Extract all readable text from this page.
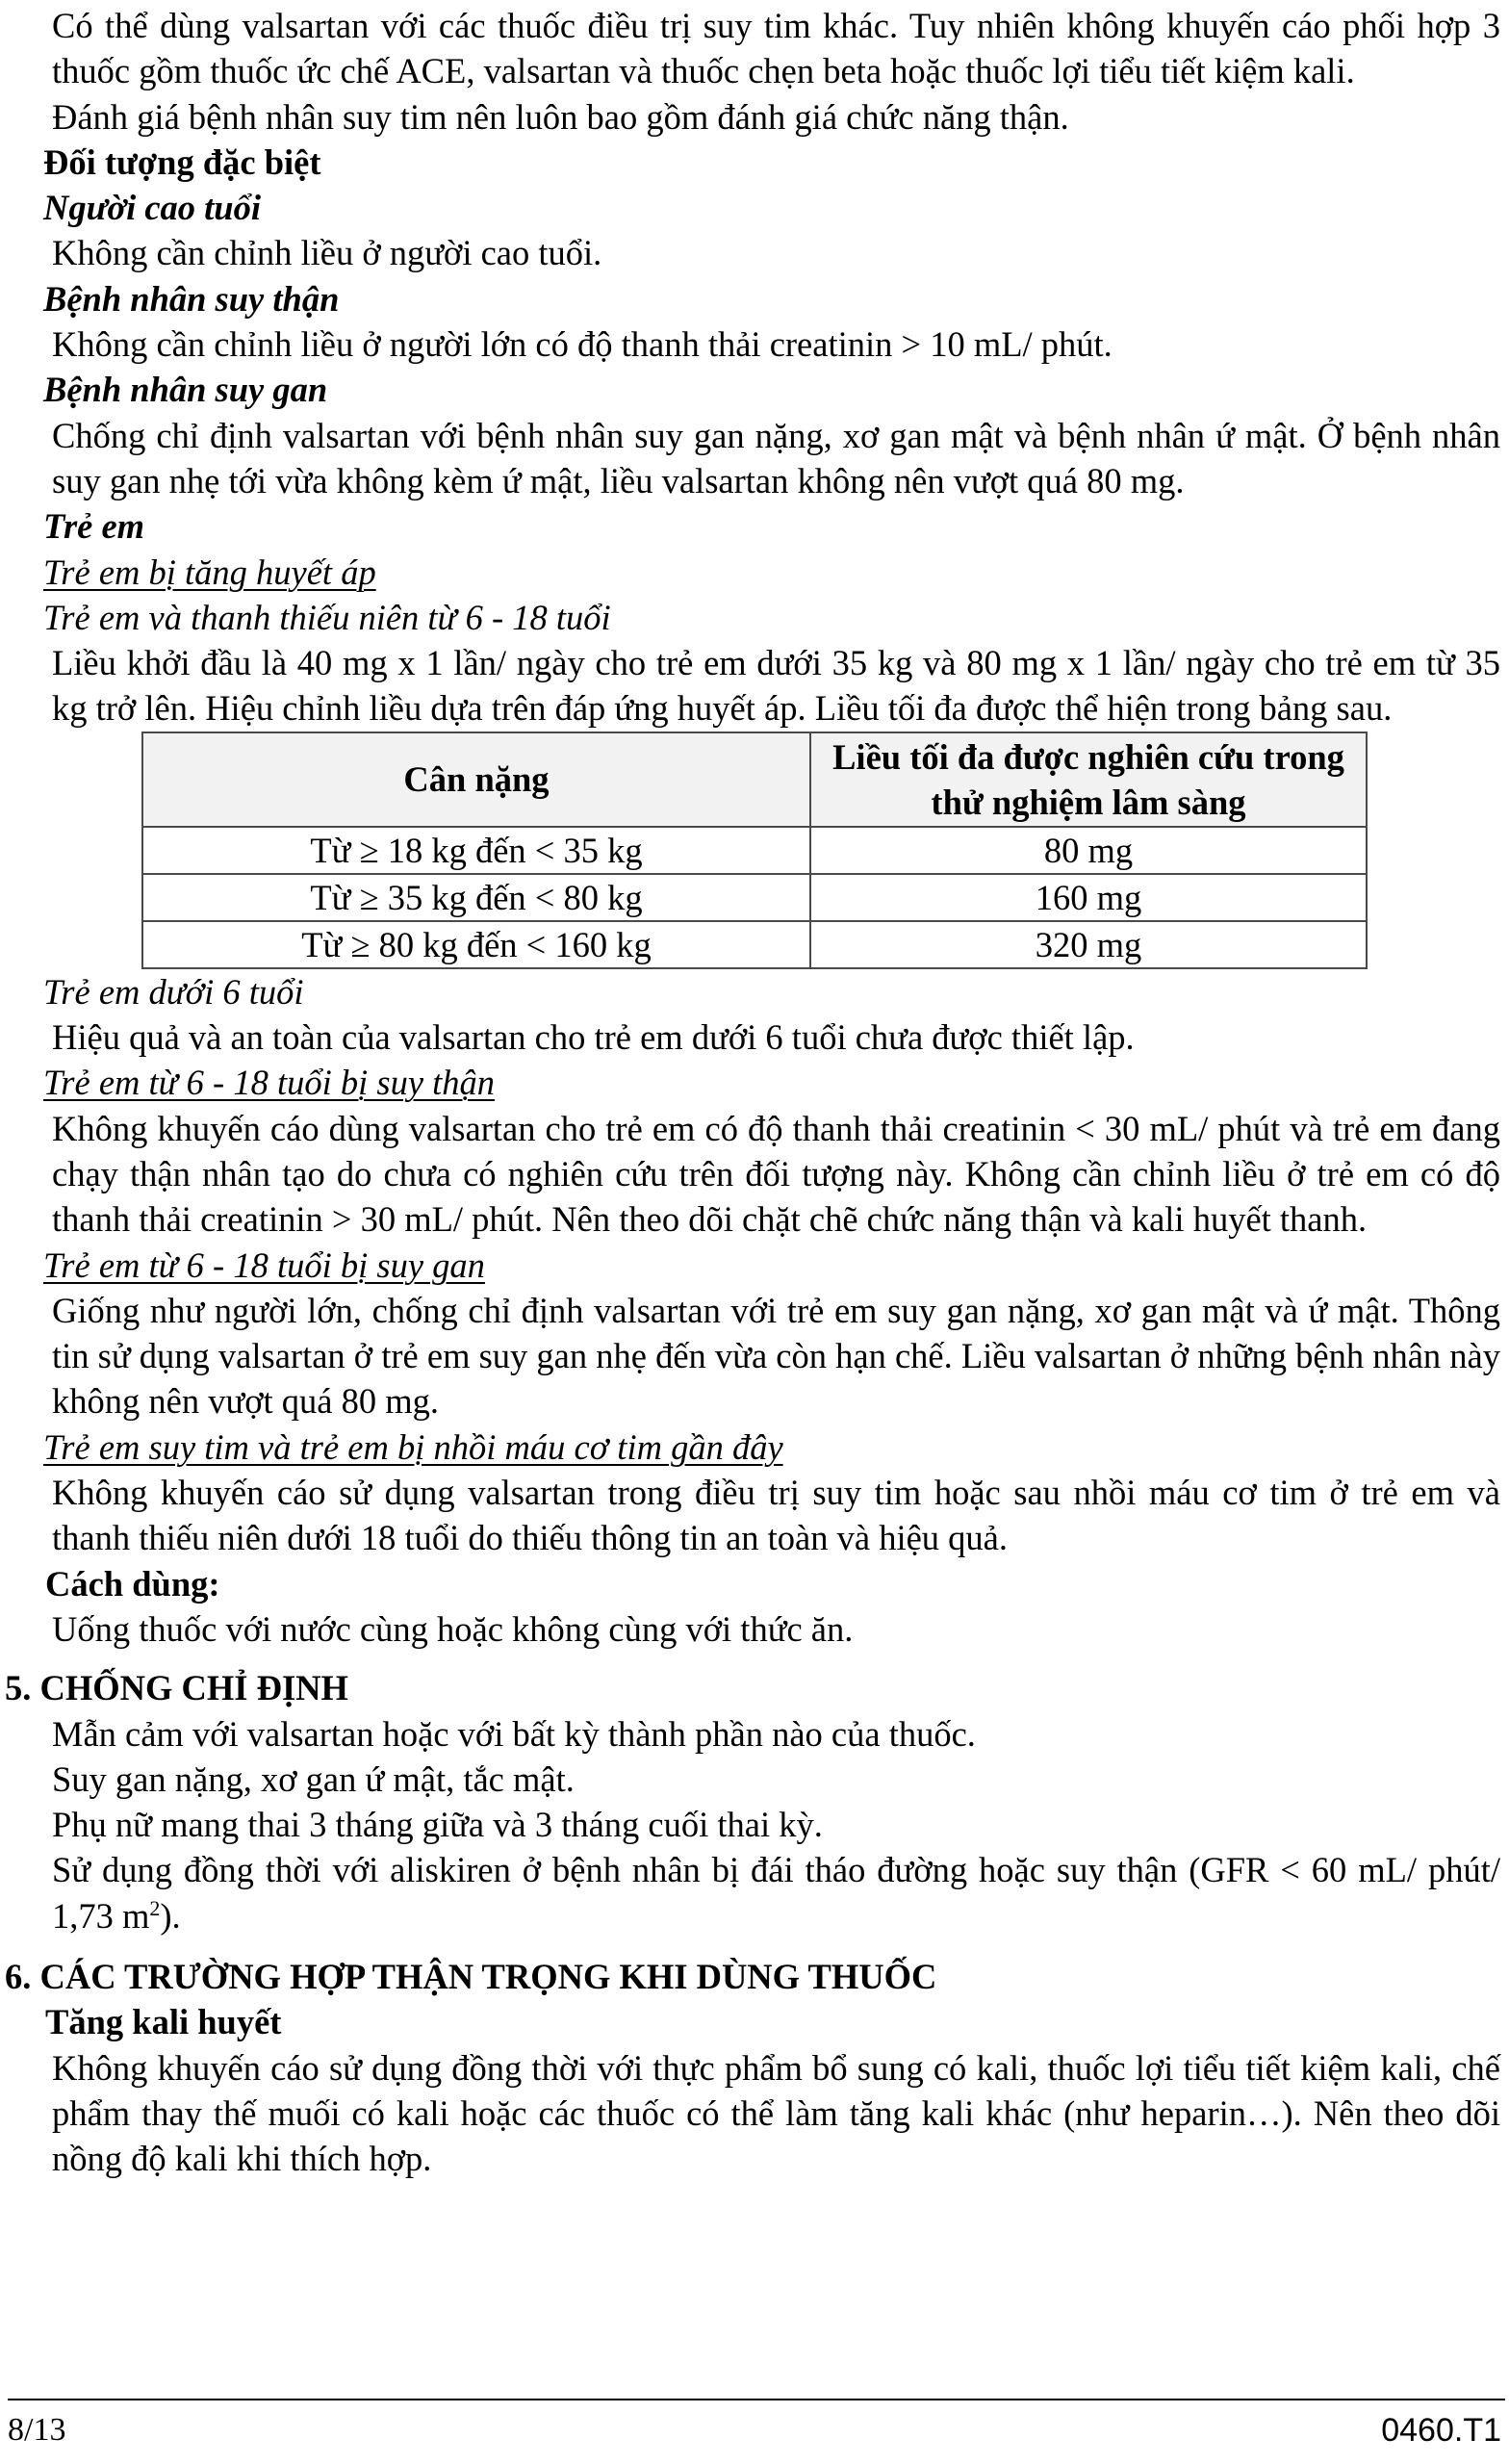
Có thể dùng valsartan với các thuốc điều trị suy tim khác. Tuy nhiên không khuyến cáo phối hợp 3 thuốc gồm thuốc ức chế ACE, valsartan và thuốc chẹn beta hoặc thuốc lợi tiểu tiết kiệm kali.

Đánh giá bệnh nhân suy tim nên luôn bao gồm đánh giá chức năng thận.

Đối tượng đặc biệt

Người cao tuổi

Không cần chỉnh liều ở người cao tuổi.

Bệnh nhân suy thận

Không cần chỉnh liều ở người lớn có độ thanh thải creatinin > 10 mL/ phút.

Bệnh nhân suy gan

Chống chỉ định valsartan với bệnh nhân suy gan nặng, xơ gan mật và bệnh nhân ứ mật. Ở bệnh nhân suy gan nhẹ tới vừa không kèm ứ mật, liều valsartan không nên vượt quá 80 mg.

Trẻ em

Trẻ em bị tăng huyết áp

Trẻ em và thanh thiếu niên từ 6 - 18 tuổi

Liều khởi đầu là 40 mg x 1 lần/ ngày cho trẻ em dưới 35 kg và 80 mg x 1 lần/ ngày cho trẻ em từ 35 kg trở lên. Hiệu chỉnh liều dựa trên đáp ứng huyết áp. Liều tối đa được thể hiện trong bảng sau.

Cân nặng	Liều tối đa được nghiên cứu trong thử nghiệm lâm sàng
Từ ≥ 18 kg đến < 35 kg	80 mg
Từ ≥ 35 kg đến < 80 kg	160 mg
Từ ≥ 80 kg đến < 160 kg	320 mg

Trẻ em dưới 6 tuổi

Hiệu quả và an toàn của valsartan cho trẻ em dưới 6 tuổi chưa được thiết lập.

Trẻ em từ 6 - 18 tuổi bị suy thận

Không khuyến cáo dùng valsartan cho trẻ em có độ thanh thải creatinin < 30 mL/ phút và trẻ em đang chạy thận nhân tạo do chưa có nghiên cứu trên đối tượng này. Không cần chỉnh liều ở trẻ em có độ thanh thải creatinin > 30 mL/ phút. Nên theo dõi chặt chẽ chức năng thận và kali huyết thanh.

Trẻ em từ 6 - 18 tuổi bị suy gan

Giống như người lớn, chống chỉ định valsartan với trẻ em suy gan nặng, xơ gan mật và ứ mật. Thông tin sử dụng valsartan ở trẻ em suy gan nhẹ đến vừa còn hạn chế. Liều valsartan ở những bệnh nhân này không nên vượt quá 80 mg.

Trẻ em suy tim và trẻ em bị nhồi máu cơ tim gần đây

Không khuyến cáo sử dụng valsartan trong điều trị suy tim hoặc sau nhồi máu cơ tim ở trẻ em và thanh thiếu niên dưới 18 tuổi do thiếu thông tin an toàn và hiệu quả.

Cách dùng:

Uống thuốc với nước cùng hoặc không cùng với thức ăn.

5. CHỐNG CHỈ ĐỊNH

Mẫn cảm với valsartan hoặc với bất kỳ thành phần nào của thuốc.

Suy gan nặng, xơ gan ứ mật, tắc mật.

Phụ nữ mang thai 3 tháng giữa và 3 tháng cuối thai kỳ.

Sử dụng đồng thời với aliskiren ở bệnh nhân bị đái tháo đường hoặc suy thận (GFR < 60 mL/ phút/ 1,73 $m^2$).

6. CÁC TRƯỜNG HỢP THẬN TRỌNG KHI DÙNG THUỐC

Tăng kali huyết

Không khuyến cáo sử dụng đồng thời với thực phẩm bổ sung có kali, thuốc lợi tiểu tiết kiệm kali, chế phẩm thay thế muối có kali hoặc các thuốc có thể làm tăng kali khác (như heparin…). Nên theo dõi nồng độ kali khi thích hợp.

8/13	0460.T1
